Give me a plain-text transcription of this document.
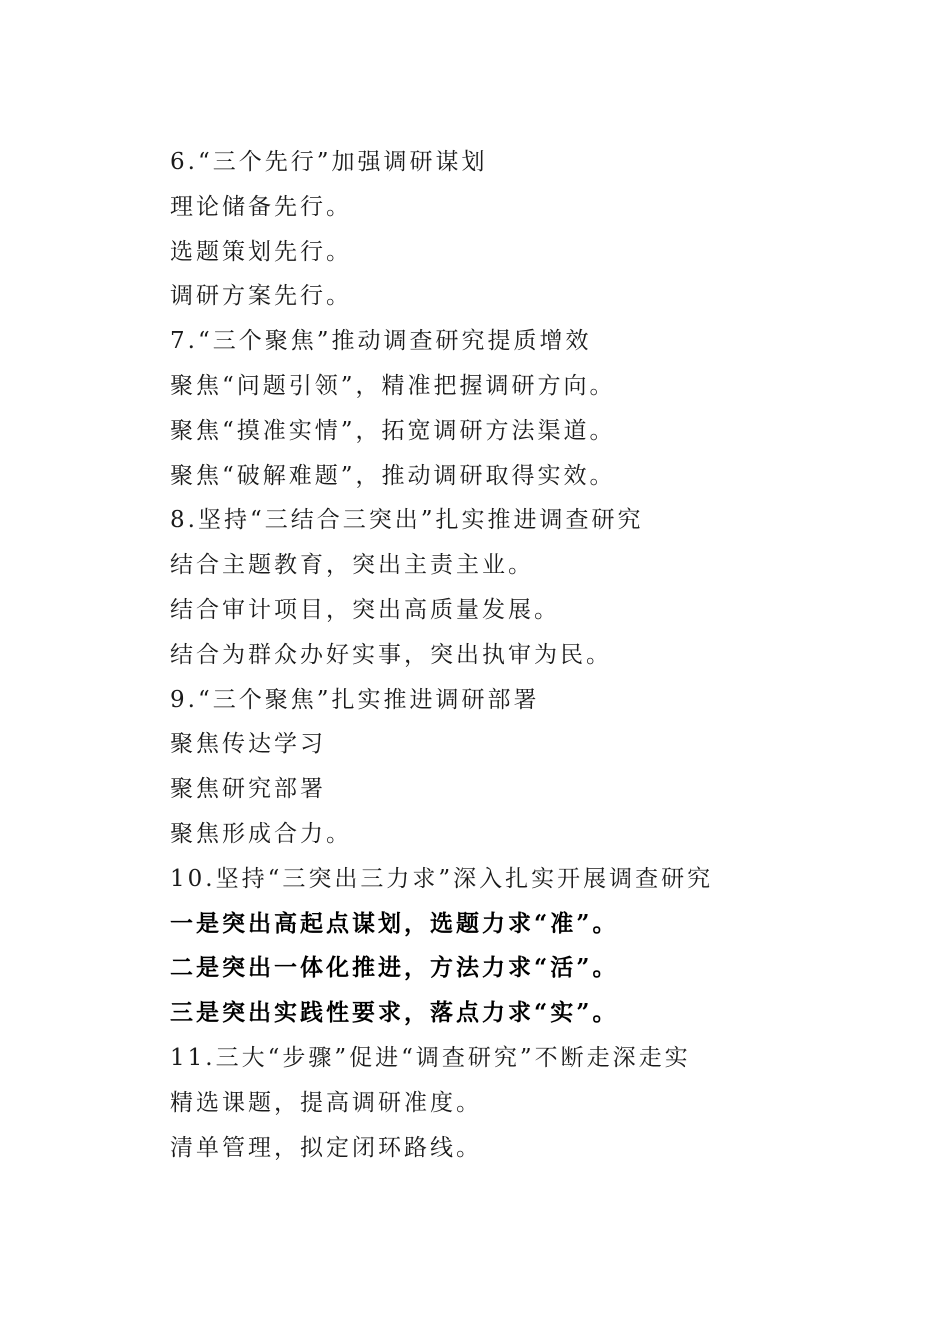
6.“三个先行”加强调研谋划
理论储备先行。
选题策划先行。
调研方案先行。
7.“三个聚焦”推动调查研究提质增效
聚焦“问题引领”，精准把握调研方向。
聚焦“摸准实情”，拓宽调研方法渠道。
聚焦“破解难题”，推动调研取得实效。
8.坚持“三结合三突出”扎实推进调查研究
结合主题教育，突出主责主业。
结合审计项目，突出高质量发展。
结合为群众办好实事，突出执审为民。
9.“三个聚焦”扎实推进调研部署
聚焦传达学习
聚焦研究部署
聚焦形成合力。
10.坚持“三突出三力求”深入扎实开展调查研究
一是突出高起点谋划，选题力求“准”。
二是突出一体化推进，方法力求“活”。
三是突出实践性要求，落点力求“实”。
11.三大“步骤”促进“调查研究”不断走深走实
精选课题，提高调研准度。
清单管理，拟定闭环路线。
